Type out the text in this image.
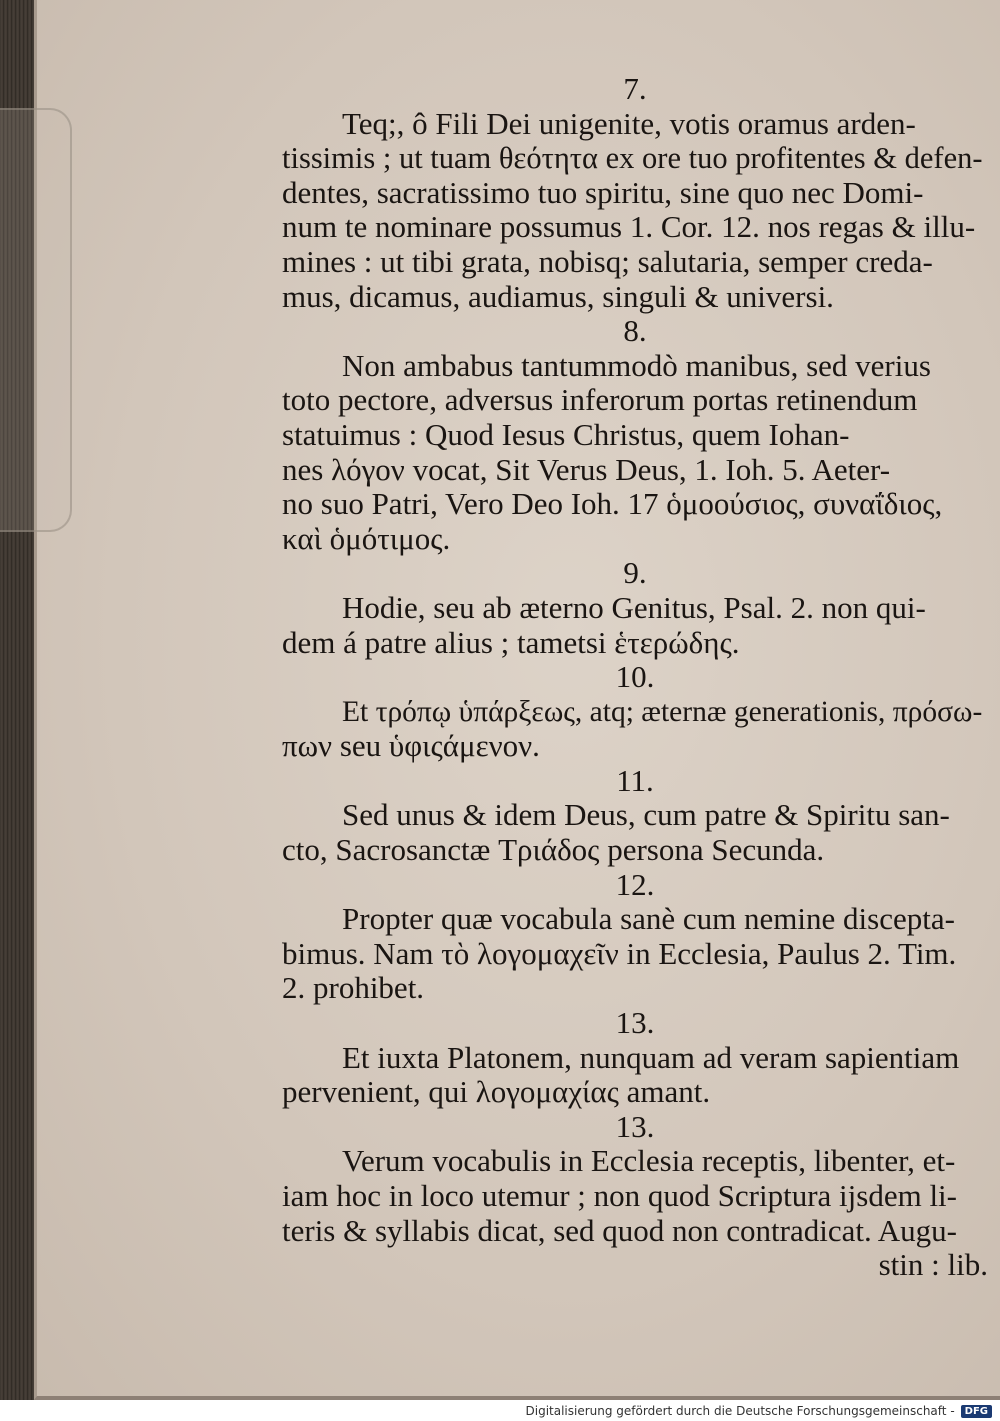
7.
Teq;, ô Fili Dei unigenite, votis oramus arden-
tissimis ; ut tuam θεότητα ex ore tuo profitentes & defen-
dentes, sacratissimo tuo spiritu, sine quo nec Domi-
num te nominare possumus 1. Cor. 12. nos regas & illu-
mines : ut tibi grata, nobisq; salutaria, semper creda-
mus, dicamus, audiamus, singuli & universi.
8.
Non ambabus tantummodò manibus, sed verius
toto pectore, adversus inferorum portas retinendum
statuimus : Quod Iesus Christus, quem Iohan-
nes λόγον vocat, Sit Verus Deus, 1. Ioh. 5. Aeter-
no suo Patri, Vero Deo Ioh. 17 ὁμοούσιος, συναΐδιος,
καὶ ὁμότιμος.
9.
Hodie, seu ab æterno Genitus, Psal. 2. non qui-
dem á patre alius ; tametsi ἑτερώδης.
10.
Et τρόπῳ ὑπάρξεως, atq; æternæ generationis, πρόσω-
πων seu ὑφιςάμενον.
11.
Sed unus & idem Deus, cum patre & Spiritu san-
cto, Sacrosanctæ Τριάδος persona Secunda.
12.
Propter quæ vocabula sanè cum nemine discepta-
bimus. Nam τὸ λογομαχεῖν in Ecclesia, Paulus 2. Tim.
2. prohibet.
13.
Et iuxta Platonem, nunquam ad veram sapientiam
pervenient, qui λογομαχίας amant.
13.
Verum vocabulis in Ecclesia receptis, libenter, et-
iam hoc in loco utemur ; non quod Scriptura ijsdem li-
teris & syllabis dicat, sed quod non contradicat. Augu-
stin : lib.
Digitalisierung gefördert durch die Deutsche Forschungsgemeinschaft -	DFG
